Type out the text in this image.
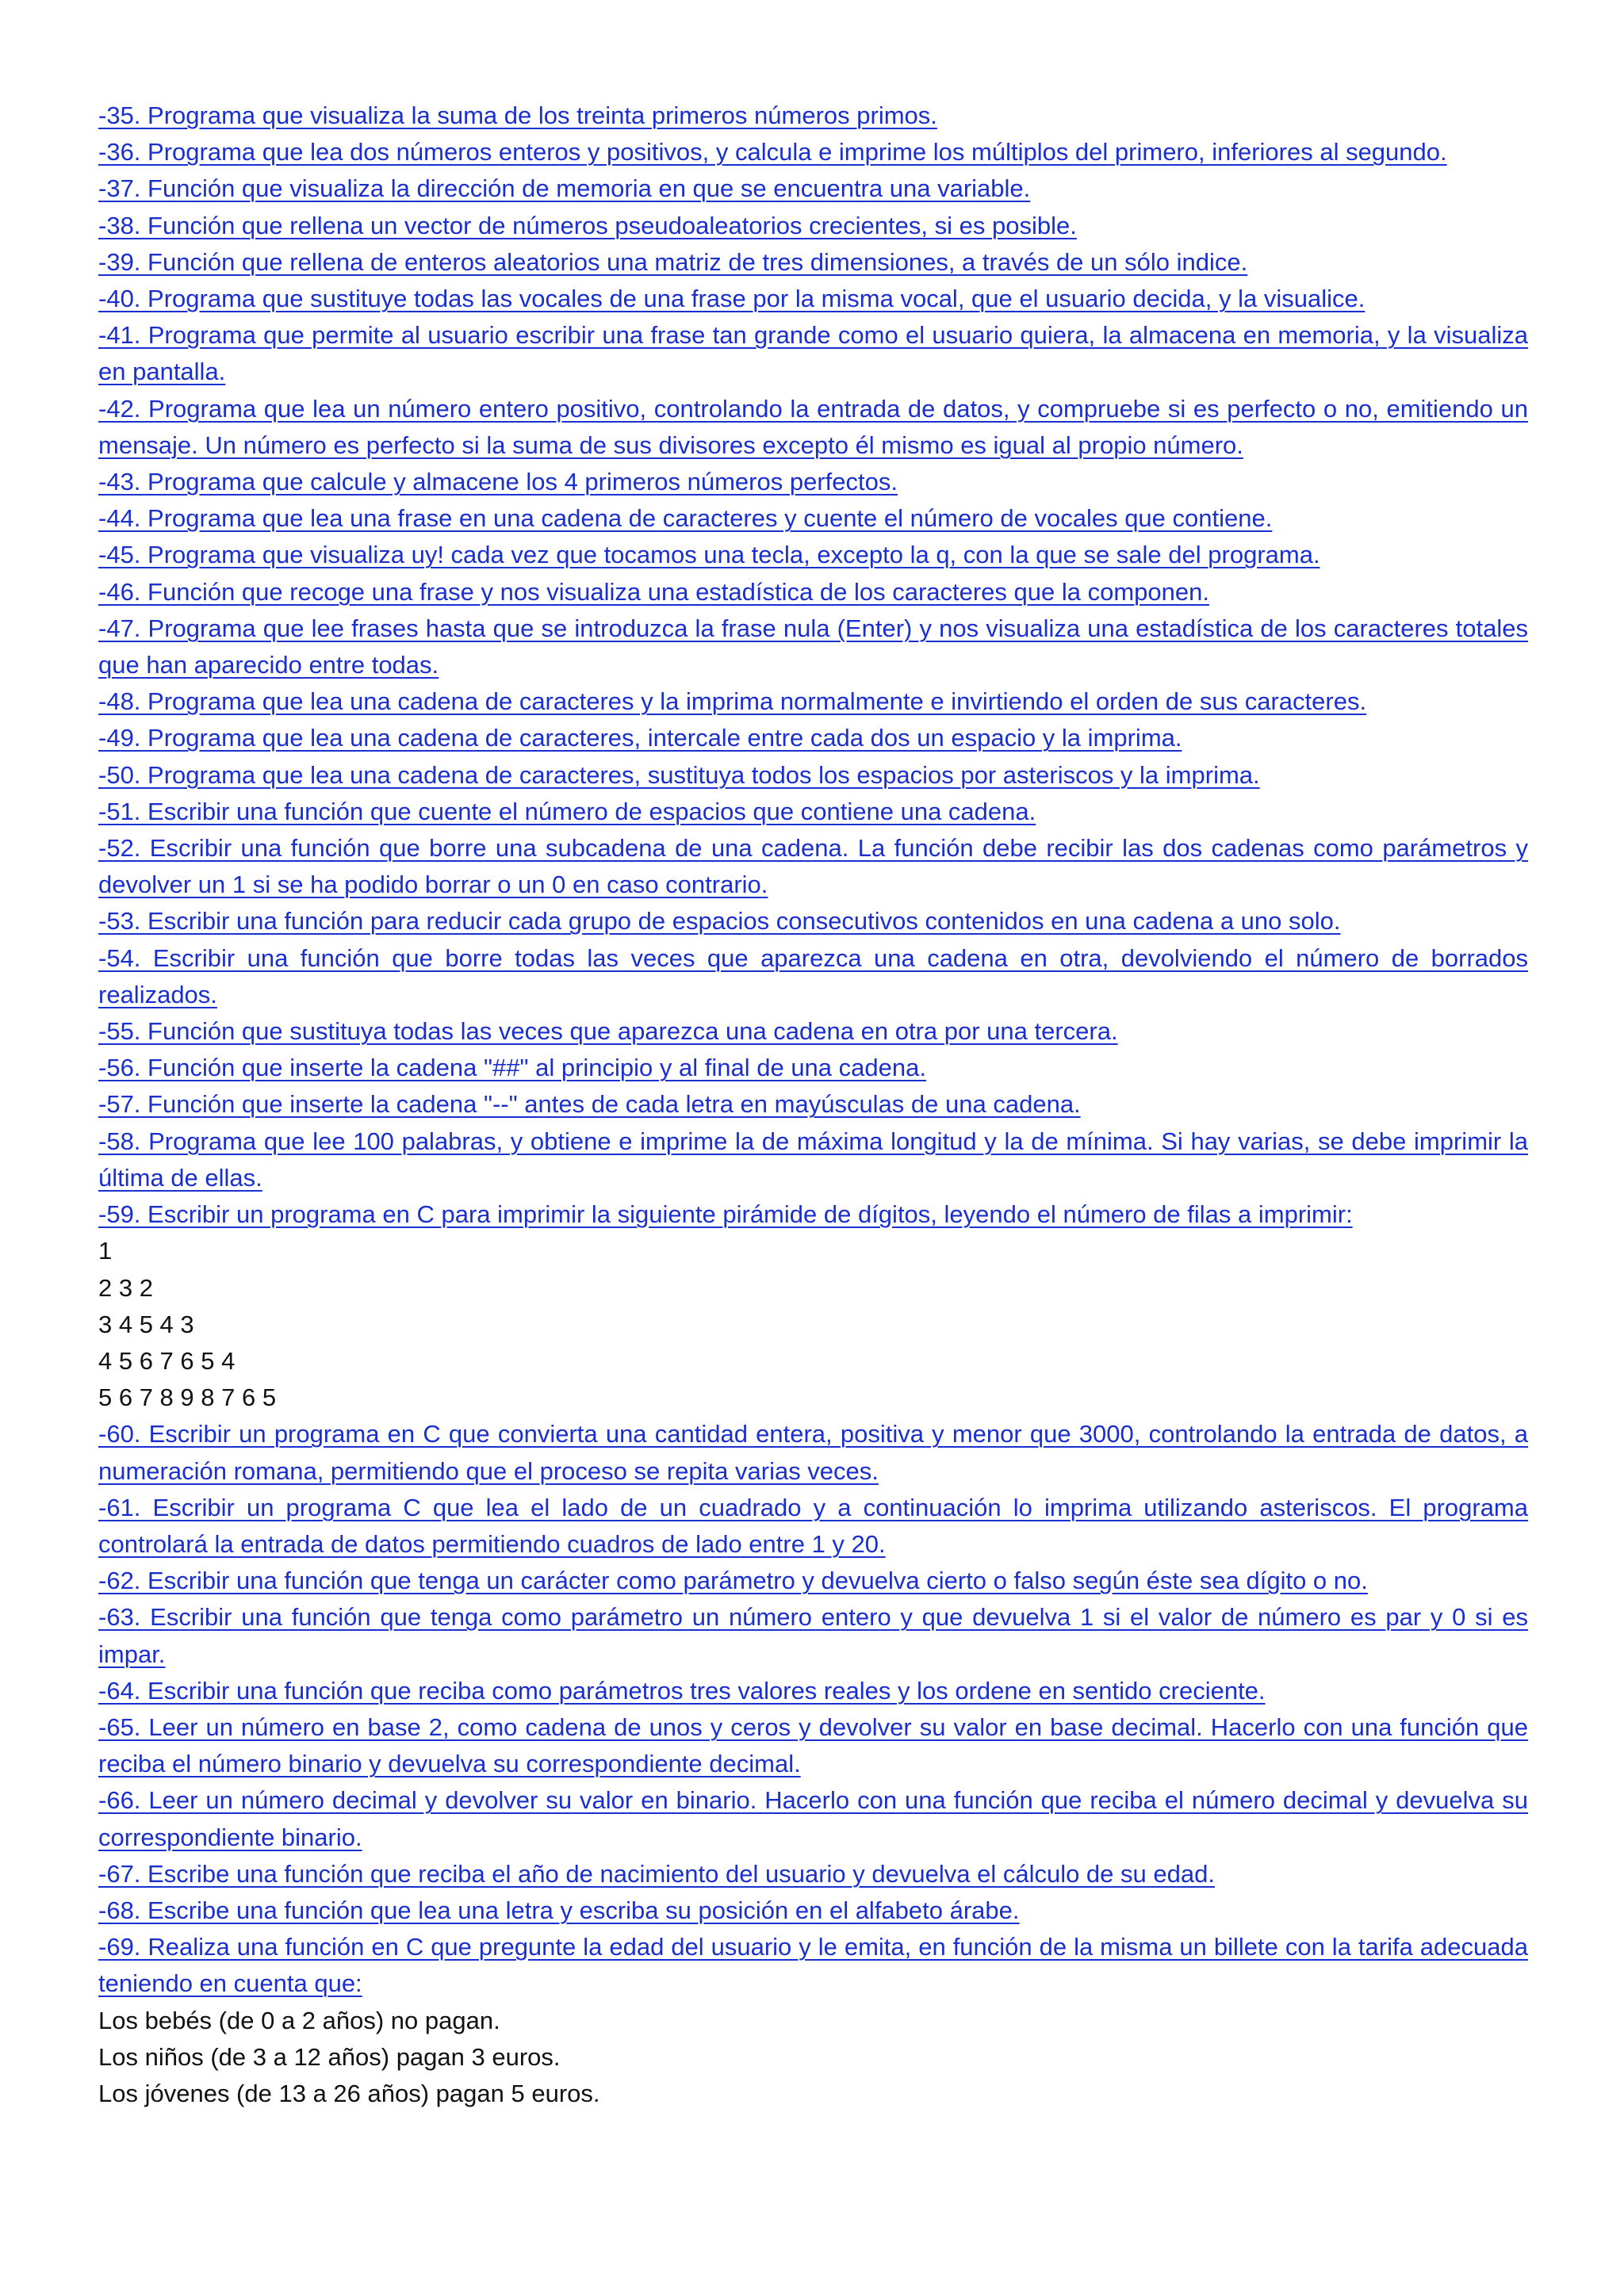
-35. Programa que visualiza la suma de los treinta primeros números primos.

-36. Programa que lea dos números enteros y positivos, y calcula e imprime los múltiplos del primero, inferiores al segundo.

-37. Función que visualiza la dirección de memoria en que se encuentra una variable.

-38. Función que rellena un vector de números pseudoaleatorios crecientes, si es posible.

-39. Función que rellena de enteros aleatorios una matriz de tres dimensiones, a través de un sólo indice.

-40. Programa que sustituye todas las vocales de una frase por la misma vocal, que el usuario decida, y la visualice.

-41. Programa que permite al usuario escribir una frase tan grande como el usuario quiera, la almacena en memoria, y la visualiza en pantalla.

-42. Programa que lea un número entero positivo, controlando la entrada de datos, y compruebe si es perfecto o no, emitiendo un mensaje. Un número es perfecto si la suma de sus divisores excepto él mismo es igual al propio número.

-43. Programa que calcule y almacene los 4 primeros números perfectos.

-44. Programa que lea una frase en una cadena de caracteres y cuente el número de vocales que contiene.

-45. Programa que visualiza uy! cada vez que tocamos una tecla, excepto la q, con la que se sale del programa.

-46. Función que recoge una frase y nos visualiza una estadística de los caracteres que la componen.

-47. Programa que lee frases hasta que se introduzca la frase nula (Enter) y nos visualiza una estadística de los caracteres totales que han aparecido entre todas.

-48. Programa que lea una cadena de caracteres y la imprima normalmente e invirtiendo el orden de sus caracteres.

-49. Programa que lea una cadena de caracteres, intercale entre cada dos un espacio y la imprima.

-50. Programa que lea una cadena de caracteres, sustituya todos los espacios por asteriscos y la imprima.

-51. Escribir una función que cuente el número de espacios que contiene una cadena.

-52. Escribir una función que borre una subcadena de una cadena. La función debe recibir las dos cadenas como parámetros y devolver un 1 si se ha podido borrar o un 0 en caso contrario.

-53. Escribir una función para reducir cada grupo de espacios consecutivos contenidos en una cadena a uno solo.

-54. Escribir una función que borre todas las veces que aparezca una cadena en otra, devolviendo el número de borrados realizados.

-55. Función que sustituya todas las veces que aparezca una cadena en otra por una tercera.

-56. Función que inserte la cadena "##" al principio y al final de una cadena.

-57. Función que inserte la cadena "--" antes de cada letra en mayúsculas de una cadena.

-58. Programa que lee 100 palabras, y obtiene e imprime la de máxima longitud y la de mínima. Si hay varias, se debe imprimir la última de ellas.

-59. Escribir un programa en C para imprimir la siguiente pirámide de dígitos, leyendo el número de filas a imprimir:

1

2 3 2

3 4 5 4 3

4 5 6 7 6 5 4

5 6 7 8 9 8 7 6 5

-60. Escribir un programa en C que convierta una cantidad entera, positiva y menor que 3000, controlando la entrada de datos, a numeración romana, permitiendo que el proceso se repita varias veces.

-61. Escribir un programa C que lea el lado de un cuadrado y a continuación lo imprima utilizando asteriscos. El programa controlará la entrada de datos permitiendo cuadros de lado entre 1 y 20.

-62. Escribir una función que tenga un carácter como parámetro y devuelva cierto o falso según éste sea dígito o no.

-63. Escribir una función que tenga como parámetro un número entero y que devuelva 1 si el valor de número es par y 0 si es impar.

-64. Escribir una función que reciba como parámetros tres valores reales y los ordene en sentido creciente.

-65. Leer un número en base 2, como cadena de unos y ceros y devolver su valor en base decimal. Hacerlo con una función que reciba el número binario y devuelva su correspondiente decimal.

-66. Leer un número decimal y devolver su valor en binario. Hacerlo con una función que reciba el número decimal y devuelva su correspondiente binario.

-67. Escribe una función que reciba el año de nacimiento del usuario y devuelva el cálculo de su edad.

-68. Escribe una función que lea una letra y escriba su posición en el alfabeto árabe.

-69. Realiza una función en C que pregunte la edad del usuario y le emita, en función de la misma un billete con la tarifa adecuada teniendo en cuenta que:

Los bebés (de 0 a 2 años) no pagan.

Los niños (de 3 a 12 años) pagan 3 euros.

Los jóvenes (de 13 a 26 años) pagan 5 euros.
